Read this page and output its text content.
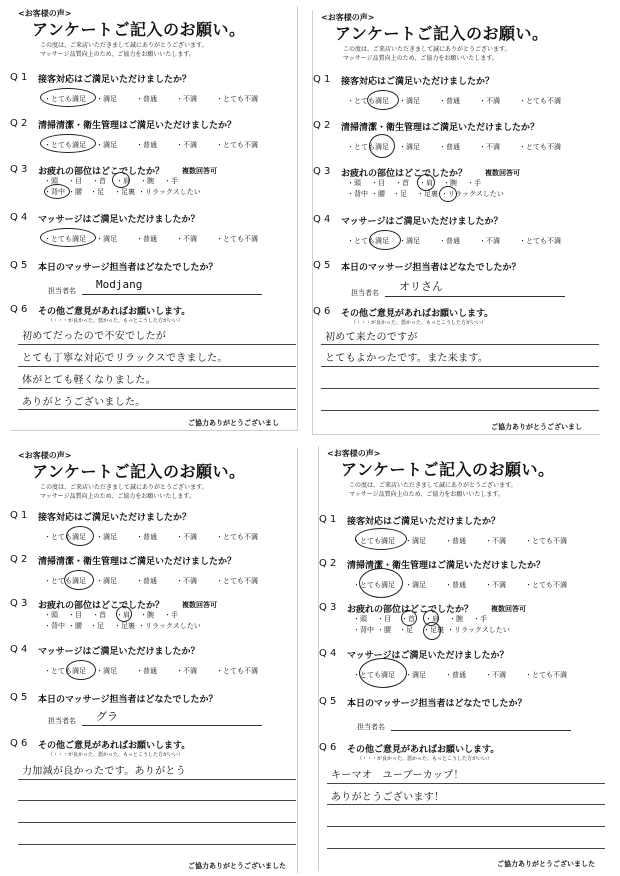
<お客様の声>
アンケートご記入のお願い。
この度は、ご来店いただきまして誠にありがとうございます。
マッサージ品質向上のため、ご協力をお願いいたします。
Q 1 接客対応はご満足いただけましたか？
・とても満足	・満足	・普通	・不満	・とても不満
Q 2 清掃清潔・衛生管理はご満足いただけましたか？
・とても満足	・満足	・普通	・不満	・とても不満
Q 3 お疲れの部位はどこでしたか？	複数回答可
・頭 ・目 ・首 ・肩 ・腕 ・手
・背中 ・腰 ・足 ・足裏 ・リラックスしたい
Q 4 マッサージはご満足いただけましたか？
・とても満足	・満足	・普通	・不満	・とても不満
Q 5 本日のマッサージ担当者はどなたでしたか？
担当者名 Modjang
Q 6 その他ご意見があればお願いします。
（・・・が良かった、悪かった、もっとこうした方がいい）
初めてだったので不安でしたが
とても丁寧な対応でリラックスできました。
体がとても軽くなりました。
ありがとうございました。
ご協力ありがとうございまし
<お客様の声>
アンケートご記入のお願い。
この度は、ご来店いただきまして誠にありがとうございます。
マッサージ品質向上のため、ご協力をお願いいたします。
Q 1 接客対応はご満足いただけましたか？
・とても満足	・満足	・普通	・不満	・とても不満
Q 2 清掃清潔・衛生管理はご満足いただけましたか？
・とても満足	・満足	・普通	・不満	・とても不満
Q 3 お疲れの部位はどこでしたか？	複数回答可
・頭 ・目 ・首 ・肩 ・腕 ・手
・背中 ・腰 ・足 ・足裏 ・リラックスしたい
Q 4 マッサージはご満足いただけましたか？
・とても満足	・満足	・普通	・不満	・とても不満
Q 5 本日のマッサージ担当者はどなたでしたか？
担当者名 オリさん
Q 6 その他ご意見があればお願いします。
（・・・が良かった、悪かった、もっとこうした方がいい）
初めて来たのですが
とてもよかったです。また来ます。
ご協力ありがとうございまし
<お客様の声>
アンケートご記入のお願い。
この度は、ご来店いただきまして誠にありがとうございます。
マッサージ品質向上のため、ご協力をお願いいたします。
Q 1 接客対応はご満足いただけましたか？
・とても満足	・満足	・普通	・不満	・とても不満
Q 2 清掃清潔・衛生管理はご満足いただけましたか？
・とても満足	・満足	・普通	・不満	・とても不満
Q 3 お疲れの部位はどこでしたか？	複数回答可
・頭 ・目 ・首 ・肩 ・腕 ・手
・背中 ・腰 ・足 ・足裏 ・リラックスしたい
Q 4 マッサージはご満足いただけましたか？
・とても満足	・満足	・普通	・不満	・とても不満
Q 5 本日のマッサージ担当者はどなたでしたか？
担当者名 グラ
Q 6 その他ご意見があればお願いします。
（・・・が良かった、悪かった、もっとこうした方がいい）
力加減が良かったです。ありがとう
ご協力ありがとうございました
<お客様の声>
アンケートご記入のお願い。
この度は、ご来店いただきまして誠にありがとうございます。
マッサージ品質向上のため、ご協力をお願いいたします。
Q 1 接客対応はご満足いただけましたか？
・とても満足	・満足	・普通	・不満	・とても不満
Q 2 清掃清潔・衛生管理はご満足いただけましたか？
・とても満足	・満足	・普通	・不満	・とても不満
Q 3 お疲れの部位はどこでしたか？	複数回答可
・頭 ・目 ・首 ・肩 ・腕 ・手
・背中 ・腰 ・足 ・足裏 ・リラックスしたい
Q 4 マッサージはご満足いただけましたか？
・とても満足	・満足	・普通	・不満	・とても不満
Q 5 本日のマッサージ担当者はどなたでしたか？
担当者名
Q 6 その他ご意見があればお願いします。
（・・・が良かった、悪かった、もっとこうした方がいい）
キーマオ　ユーブーカップ！
ありがとうございます！
ご協力ありがとうございました
